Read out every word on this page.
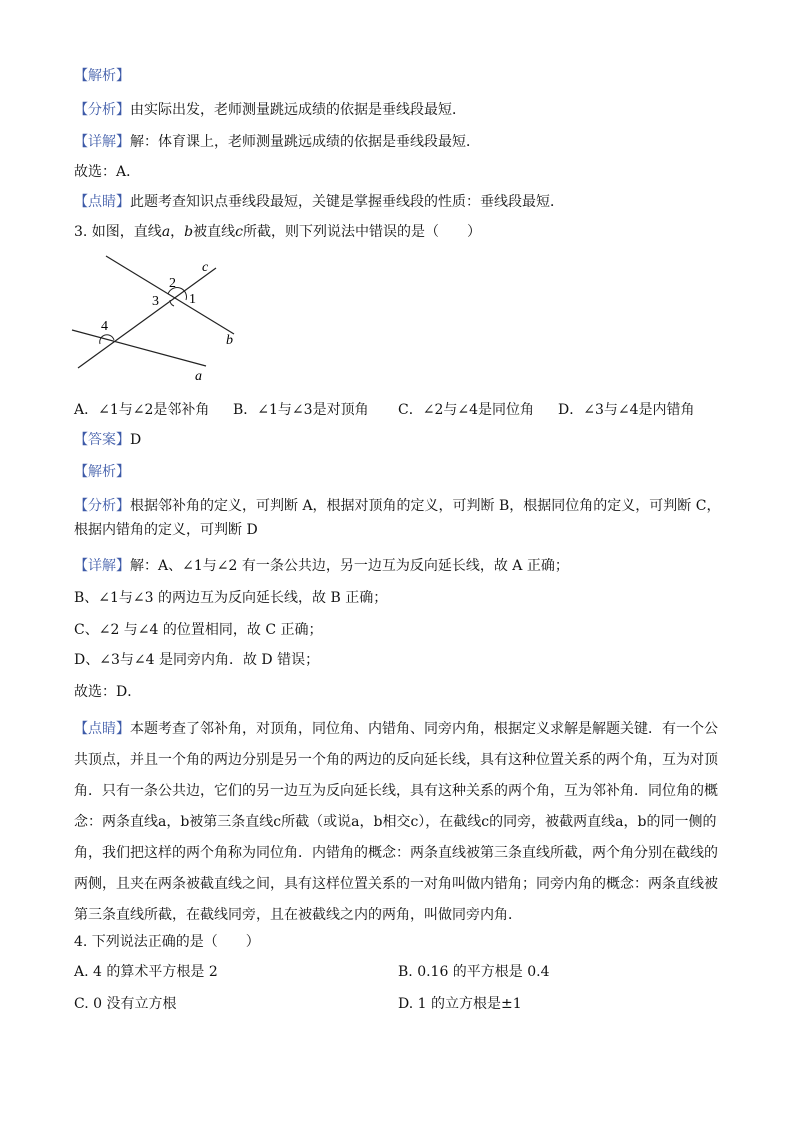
【解析】
【分析】由实际出发，老师测量跳远成绩的依据是垂线段最短．
【详解】解：体育课上，老师测量跳远成绩的依据是垂线段最短．
故选：A．
【点睛】此题考查知识点垂线段最短，关键是掌握垂线段的性质：垂线段最短．
3. 如图，直线a，b被直线c所截，则下列说法中错误的是（　　）
2
3 1
4
c
b
a
A．∠1与∠2是邻补角 B．∠1与∠3是对顶角 C．∠2与∠4是同位角 D．∠3与∠4是内错角
【答案】D
【解析】
【分析】根据邻补角的定义，可判断 A，根据对顶角的定义，可判断 B，根据同位角的定义，可判断 C，根据内错角的定义，可判断 D
【详解】解：A、∠1与∠2 有一条公共边，另一边互为反向延长线，故 A 正确；
B、∠1与∠3 的两边互为反向延长线，故 B 正确；
C、∠2 与∠4 的位置相同，故 C 正确；
D、∠3与∠4 是同旁内角．故 D 错误；
故选：D．
【点睛】本题考查了邻补角，对顶角，同位角、内错角、同旁内角，根据定义求解是解题关键．有一个公共顶点，并且一个角的两边分别是另一个角的两边的反向延长线，具有这种位置关系的两个角，互为对顶角．只有一条公共边，它们的另一边互为反向延长线，具有这种关系的两个角，互为邻补角．同位角的概念：两条直线a，b被第三条直线c所截（或说a，b相交c），在截线c的同旁，被截两直线a，b的同一侧的角，我们把这样的两个角称为同位角．内错角的概念：两条直线被第三条直线所截，两个角分别在截线的两侧，且夹在两条被截直线之间，具有这样位置关系的一对角叫做内错角；同旁内角的概念：两条直线被第三条直线所截，在截线同旁，且在被截线之内的两角，叫做同旁内角．
4. 下列说法正确的是（　　）
A. 4 的算术平方根是 2	B. 0.16 的平方根是 0.4
C. 0 没有立方根	D. 1 的立方根是±1
